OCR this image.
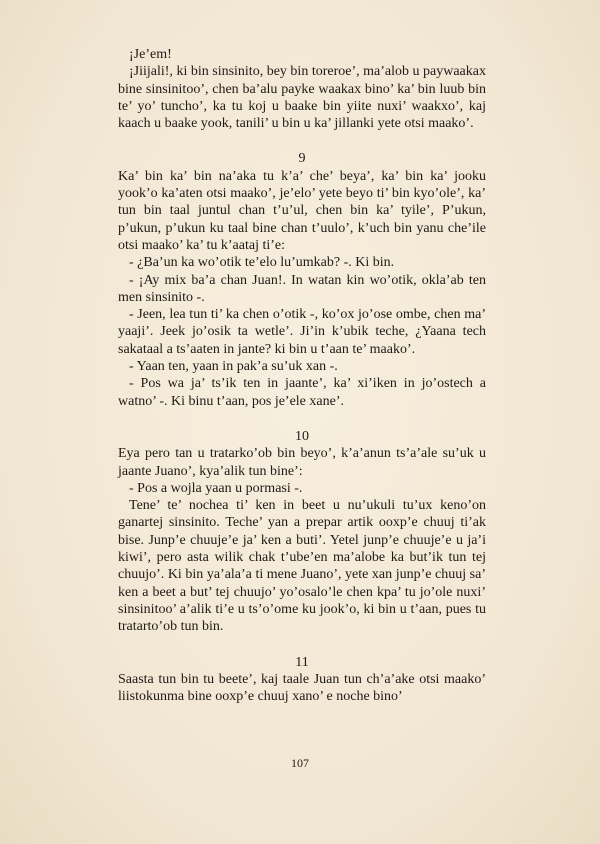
¡Je’em!

¡Jiijali!, ki bin sinsinito, bey bin toreroe’, ma’alob u paywaakax bine sinsinitoo’, chen ba’alu payke waakax bino’ ka’ bin luub bin te’ yo’ tuncho’, ka tu koj u baake bin yiite nuxi’ waakxo’, kaj kaach u baake yook, tanili’ u bin u ka’ jillanki yete otsi maako’.

9

Ka’ bin ka’ bin na’aka tu k’a’ che’ beya’, ka’ bin ka’ jooku yook’o ka’aten otsi maako’, je’elo’ yete beyo ti’ bin kyo’ole’, ka’ tun bin taal juntul chan t’u’ul, chen bin ka’ tyile’, P’ukun, p’ukun, p’ukun ku taal bine chan t’uulo’, k’uch bin yanu che’ile otsi maako’ ka’ tu k’aataj ti’e:

- ¿Ba’un ka wo’otik te’elo lu’umkab? -. Ki bin.

- ¡Ay mix ba’a chan Juan!. In watan kin wo’otik, okla’ab ten men sinsinito -.

- Jeen, lea tun ti’ ka chen o’otik -, ko’ox jo’ose ombe, chen ma’ yaaji’. Jeek jo’osik ta wetle’. Ji’in k’ubik teche, ¿Yaana tech sakataal a ts’aaten in jante? ki bin u t’aan te’ maako’.

- Yaan ten, yaan in pak’a su’uk xan -.

- Pos wa ja’ ts’ik ten in jaante’, ka’ xi’iken in jo’ostech a watno’ -. Ki binu t’aan, pos je’ele xane’.

10

Eya pero tan u tratarko’ob bin beyo’, k’a’anun ts’a’ale su’uk u jaante Juano’, kya’alik tun bine’:

- Pos a wojla yaan u pormasi -.

Tene’ te’ nochea ti’ ken in beet u nu’ukuli tu’ux keno’on ganartej sinsinito. Teche’ yan a prepar artik ooxp’e chuuj ti’ak bise. Junp’e chuuje’e ja’ ken a buti’. Yetel junp’e chuuje’e u ja’i kiwi’, pero asta wilik chak t’ube’en ma’alobe ka but’ik tun tej chuujo’. Ki bin ya’ala’a ti mene Juano’, yete xan junp’e chuuj sa’ ken a beet a but’ tej chuujo’ yo’osalo’le chen kpa’ tu jo’ole nuxi’ sinsinitoo’ a’alik ti’e u ts’o’ome ku jook’o, ki bin u t’aan, pues tu tratarto’ob tun bin.

11

Saasta tun bin tu beete’, kaj taale Juan tun ch’a’ake otsi maako’ liistokunma bine ooxp’e chuuj xano’ e noche bino’

107
